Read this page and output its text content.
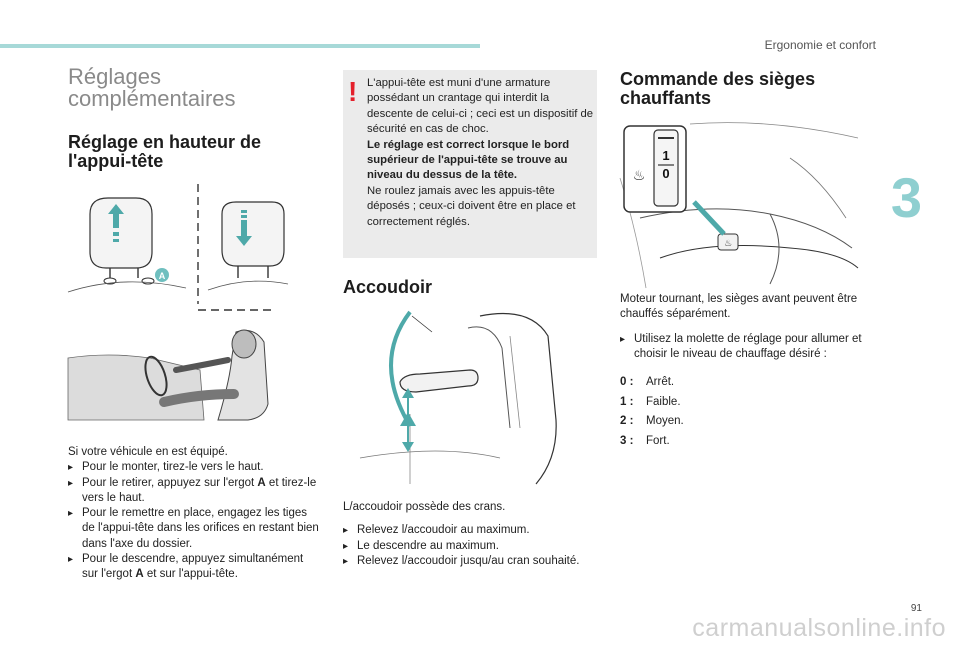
Ergonomie et confort
3
91
carmanualsonline.info
Réglages
complémentaires
Réglage en hauteur de
l'appui-tête
A
Si votre véhicule en est équipé.
▸ Pour le monter, tirez-le vers le haut.
▸ Pour le retirer, appuyez sur l'ergot A et tirez-le vers le haut.
▸ Pour le remettre en place, engagez les tiges de l'appui-tête dans les orifices en restant bien dans l'axe du dossier.
▸ Pour le descendre, appuyez simultanément sur l'ergot A et sur l'appui-tête.
! L'appui-tête est muni d'une armature possédant un crantage qui interdit la descente de celui-ci ; ceci est un dispositif de sécurité en cas de choc.
Le réglage est correct lorsque le bord supérieur de l'appui-tête se trouve au niveau du dessus de la tête.
Ne roulez jamais avec les appuis-tête déposés ; ceux-ci doivent être en place et correctement réglés.
Accoudoir
L/accoudoir possède des crans.
▸ Relevez l/accoudoir au maximum.
▸ Le descendre au maximum.
▸ Relevez l/accoudoir jusqu/au cran souhaité.
Commande des sièges
chauffants
♨
1
0
♨
Moteur tournant, les sièges avant peuvent être chauffés séparément.
▸ Utilisez la molette de réglage pour allumer et choisir le niveau de chauffage désiré :
0 :	Arrêt.
1 :	Faible.
2 :	Moyen.
3 :	Fort.
